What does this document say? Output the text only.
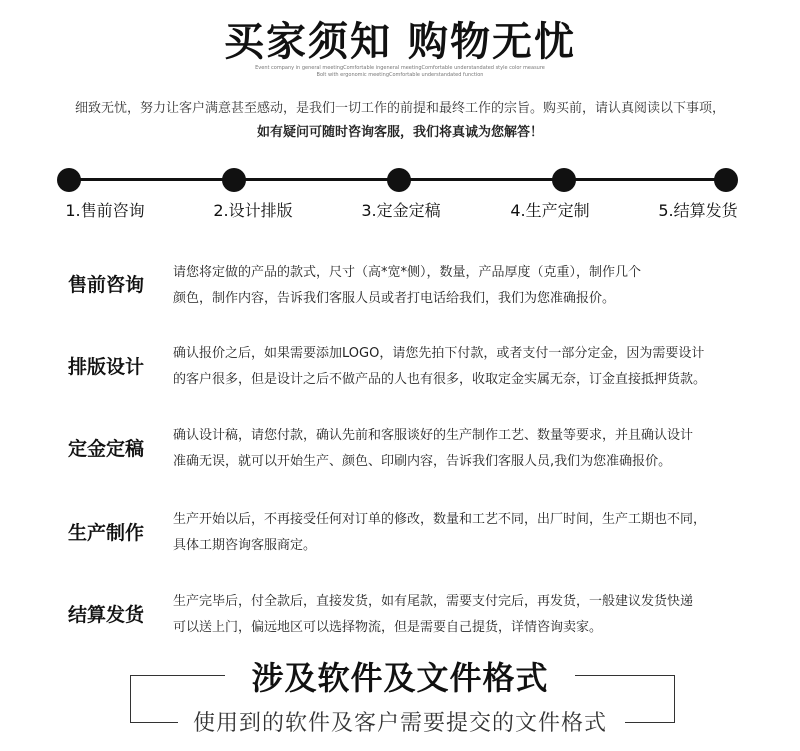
买家须知 购物无忧
Event company in general meetingComfortable ingeneral meetingComfortable understandated style color measure
Bolt with ergonomic meetingComfortable understandated function
细致无忧，努力让客户满意甚至感动，是我们一切工作的前提和最终工作的宗旨。购买前，请认真阅读以下事项，
如有疑问可随时咨询客服，我们将真诚为您解答！
1.售前咨询	2.设计排版	3.定金定稿	4.生产定制	5.结算发货
售前咨询
请您将定做的产品的款式，尺寸（高*宽*侧），数量，产品厚度（克重），制作几个
颜色，制作内容，告诉我们客服人员或者打电话给我们，我们为您准确报价。
排版设计
确认报价之后，如果需要添加LOGO，请您先拍下付款，或者支付一部分定金，因为需要设计
的客户很多，但是设计之后不做产品的人也有很多，收取定金实属无奈，订金直接抵押货款。
定金定稿
确认设计稿，请您付款，确认先前和客服谈好的生产制作工艺、数量等要求，并且确认设计
准确无误，就可以开始生产、颜色、印刷内容，告诉我们客服人员,我们为您准确报价。
生产制作
生产开始以后，不再接受任何对订单的修改，数量和工艺不同，出厂时间，生产工期也不同，
具体工期咨询客服商定。
结算发货
生产完毕后，付全款后，直接发货，如有尾款，需要支付完后，再发货，一般建议发货快递
可以送上门，偏远地区可以选择物流，但是需要自己提货，详情咨询卖家。
涉及软件及文件格式
使用到的软件及客户需要提交的文件格式
